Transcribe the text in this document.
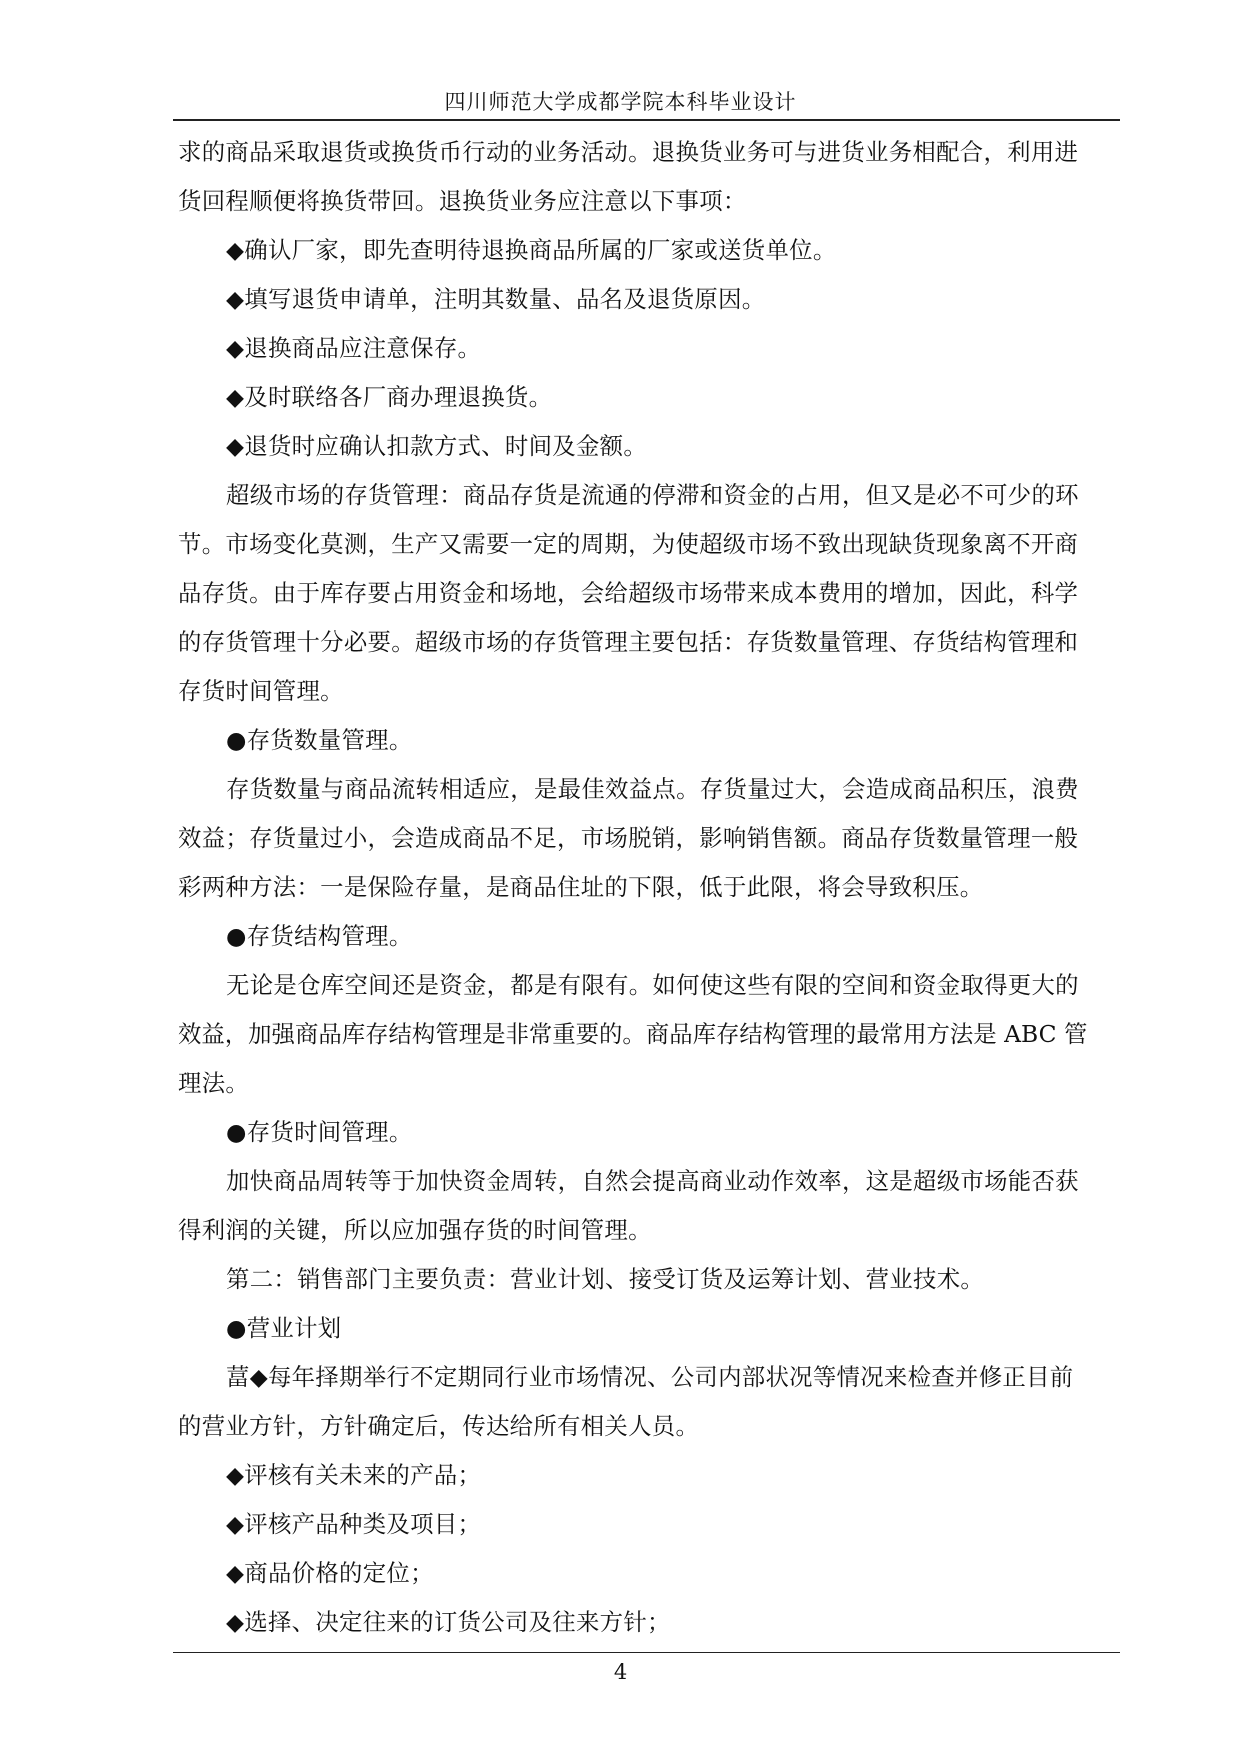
四川师范大学成都学院本科毕业设计
求的商品采取退货或换货币行动的业务活动。退换货业务可与进货业务相配合，利用进
货回程顺便将换货带回。退换货业务应注意以下事项：
◆确认厂家，即先查明待退换商品所属的厂家或送货单位。
◆填写退货申请单，注明其数量、品名及退货原因。
◆退换商品应注意保存。
◆及时联络各厂商办理退换货。
◆退货时应确认扣款方式、时间及金额。
超级市场的存货管理：商品存货是流通的停滞和资金的占用，但又是必不可少的环
节。市场变化莫测，生产又需要一定的周期，为使超级市场不致出现缺货现象离不开商
品存货。由于库存要占用资金和场地，会给超级市场带来成本费用的增加，因此，科学
的存货管理十分必要。超级市场的存货管理主要包括：存货数量管理、存货结构管理和
存货时间管理。
●存货数量管理。
存货数量与商品流转相适应，是最佳效益点。存货量过大，会造成商品积压，浪费
效益；存货量过小，会造成商品不足，市场脱销，影响销售额。商品存货数量管理一般
彩两种方法：一是保险存量，是商品住址的下限，低于此限，将会导致积压。
●存货结构管理。
无论是仓库空间还是资金，都是有限有。如何使这些有限的空间和资金取得更大的
效益，加强商品库存结构管理是非常重要的。商品库存结构管理的最常用方法是 ABC 管
理法。
●存货时间管理。
加快商品周转等于加快资金周转，自然会提高商业动作效率，这是超级市场能否获
得利润的关键，所以应加强存货的时间管理。
第二：销售部门主要负责：营业计划、接受订货及运筹计划、营业技术。
●营业计划
葍◆每年择期举行不定期同行业市场情况、公司内部状况等情况来检查并修正目前
的营业方针，方针确定后，传达给所有相关人员。
◆评核有关未来的产品；
◆评核产品种类及项目；
◆商品价格的定位；
◆选择、决定往来的订货公司及往来方针；
4
